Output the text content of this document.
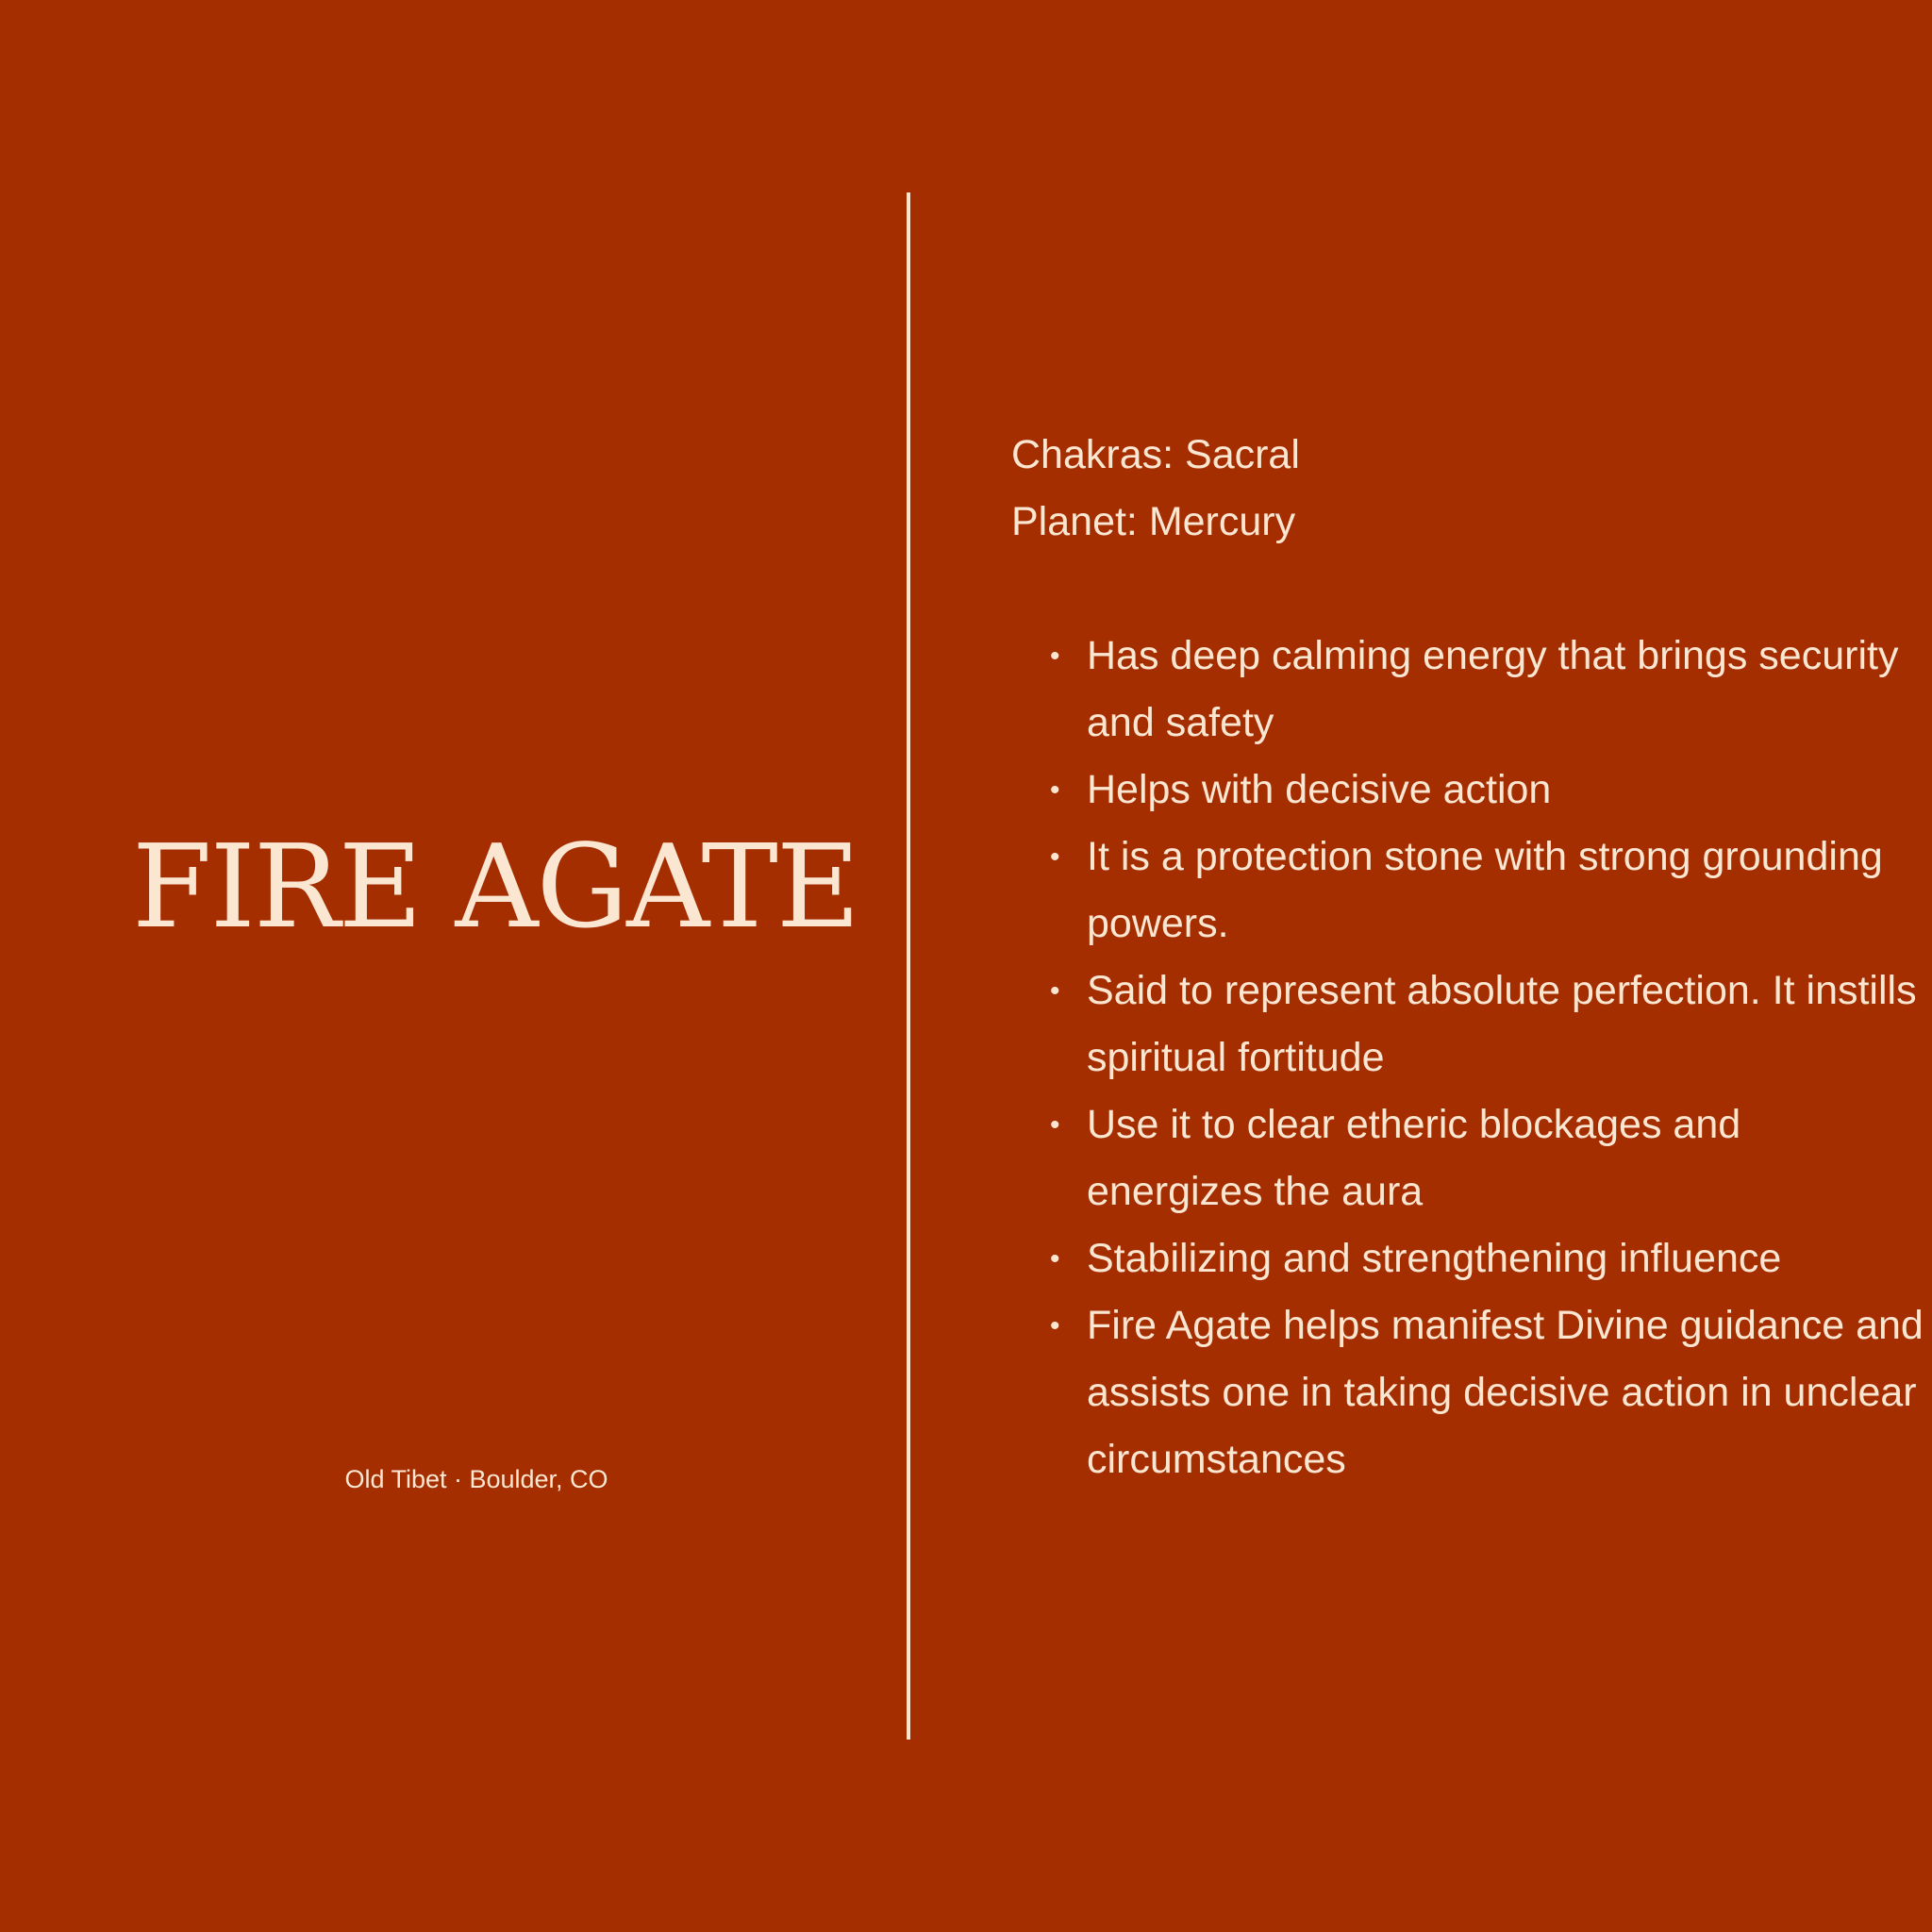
FIRE AGATE
Old Tibet · Boulder, CO
Chakras: Sacral
Planet: Mercury
• Has deep calming energy that brings security and safety
• Helps with decisive action
• It is a protection stone with strong grounding powers.
• Said to represent absolute perfection. It instills spiritual fortitude
• Use it to clear etheric blockages and energizes the aura
• Stabilizing and strengthening influence
• Fire Agate helps manifest Divine guidance and assists one in taking decisive action in unclear circumstances
